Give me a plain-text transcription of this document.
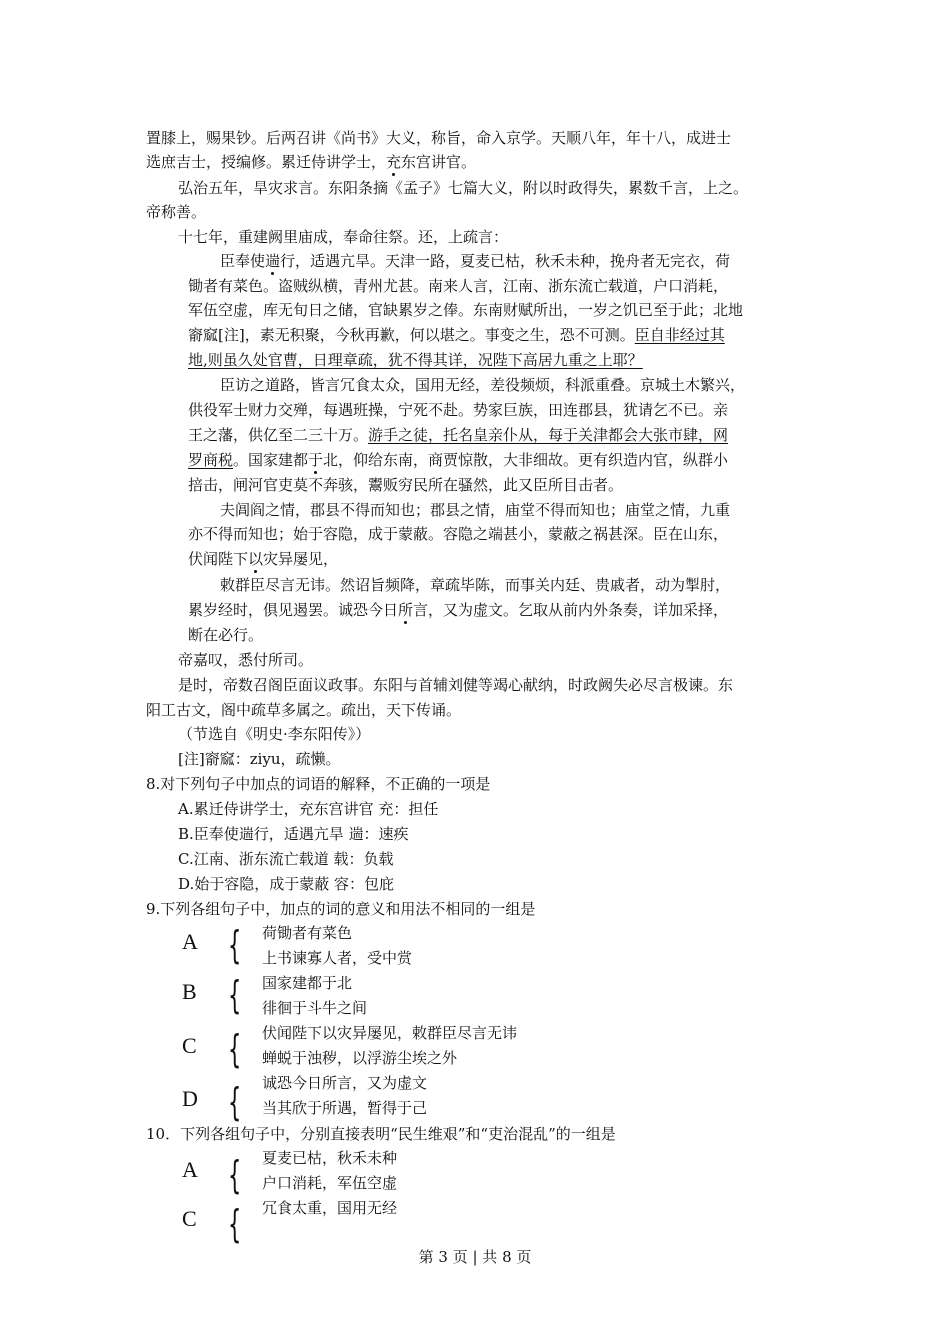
置膝上，赐果钞。后两召讲《尚书》大义，称旨，命入京学。天顺八年，年十八，成进士
选庶吉士，授编修。累迁侍讲学士，充东宫讲官。
弘治五年，旱灾求言。东阳条摘《孟子》七篇大义，附以时政得失，累数千言，上之。
帝称善。
十七年，重建阙里庙成，奉命往祭。还，上疏言：
臣奉使遄行，适遇亢旱。天津一路，夏麦已枯，秋禾未种，挽舟者无完衣，荷
锄者有菜色。盗贼纵横，青州尤甚。南来人言，江南、浙东流亡载道，户口消耗，
军伍空虚，库无旬日之储，官缺累岁之俸。东南财赋所出，一岁之饥已至于此；北地
窬窳[注]，素无积聚，今秋再歉，何以堪之。事变之生，恐不可测。臣自非经过其
地,则虽久处官曹，日理章疏，犹不得其详，况陛下高居九重之上耶？
臣访之道路，皆言冗食太众，国用无经，差役频烦，科派重叠。京城土木繁兴，
供役军士财力交殚，每遇班操，宁死不赴。势家巨族，田连郡县，犹请乞不已。亲
王之藩，供亿至二三十万。游手之徒，托名皇亲仆从，每于关津都会大张市肆，网
罗商税。国家建都于北，仰给东南，商贾惊散，大非细故。更有织造内官，纵群小
掊击，闸河官吏莫不奔骇，鬻贩穷民所在骚然，此又臣所目击者。
夫阊阎之情，郡县不得而知也；郡县之情，庙堂不得而知也；庙堂之情，九重
亦不得而知也；始于容隐，成于蒙蔽。容隐之端甚小，蒙蔽之祸甚深。臣在山东，
伏闻陛下以灾异屡见，
敕群臣尽言无讳。然诏旨频降，章疏毕陈，而事关内廷、贵戚者，动为掣肘，
累岁经时，俱见遏罢。诚恐今日所言，又为虚文。乞取从前内外条奏，详加采择，
断在必行。
帝嘉叹，悉付所司。
是时，帝数召阁臣面议政事。东阳与首辅刘健等竭心献纳，时政阙失必尽言极谏。东
阳工古文，阁中疏草多属之。疏出，天下传诵。
（节选自《明史·李东阳传》）
[注]窬窳：ziyu，疏懒。
8.对下列句子中加点的词语的解释，不正确的一项是
A.累迁侍讲学士，充东宫讲官 充：担任
B.臣奉使遄行，适遇亢旱 遄：速疾
C.江南、浙东流亡载道 载：负载
D.始于容隐，成于蒙蔽 容：包庇
9.下列各组句子中，加点的词的意义和用法不相同的一组是
A { 荷锄者有菜色
上书谏寡人者，受中赏
B { 国家建都于北
徘徊于斗牛之间
C { 伏闻陛下以灾异屡见，敕群臣尽言无讳
蝉蜕于浊秽，以浮游尘埃之外
D { 诚恐今日所言，又为虚文
当其欣于所遇，暂得于己
10．下列各组句子中，分别直接表明“民生维艰”和“吏治混乱”的一组是
A { 夏麦已枯，秋禾未种
户口消耗，军伍空虚
C { 冗食太重，国用无经
第 3 页 | 共 8 页
